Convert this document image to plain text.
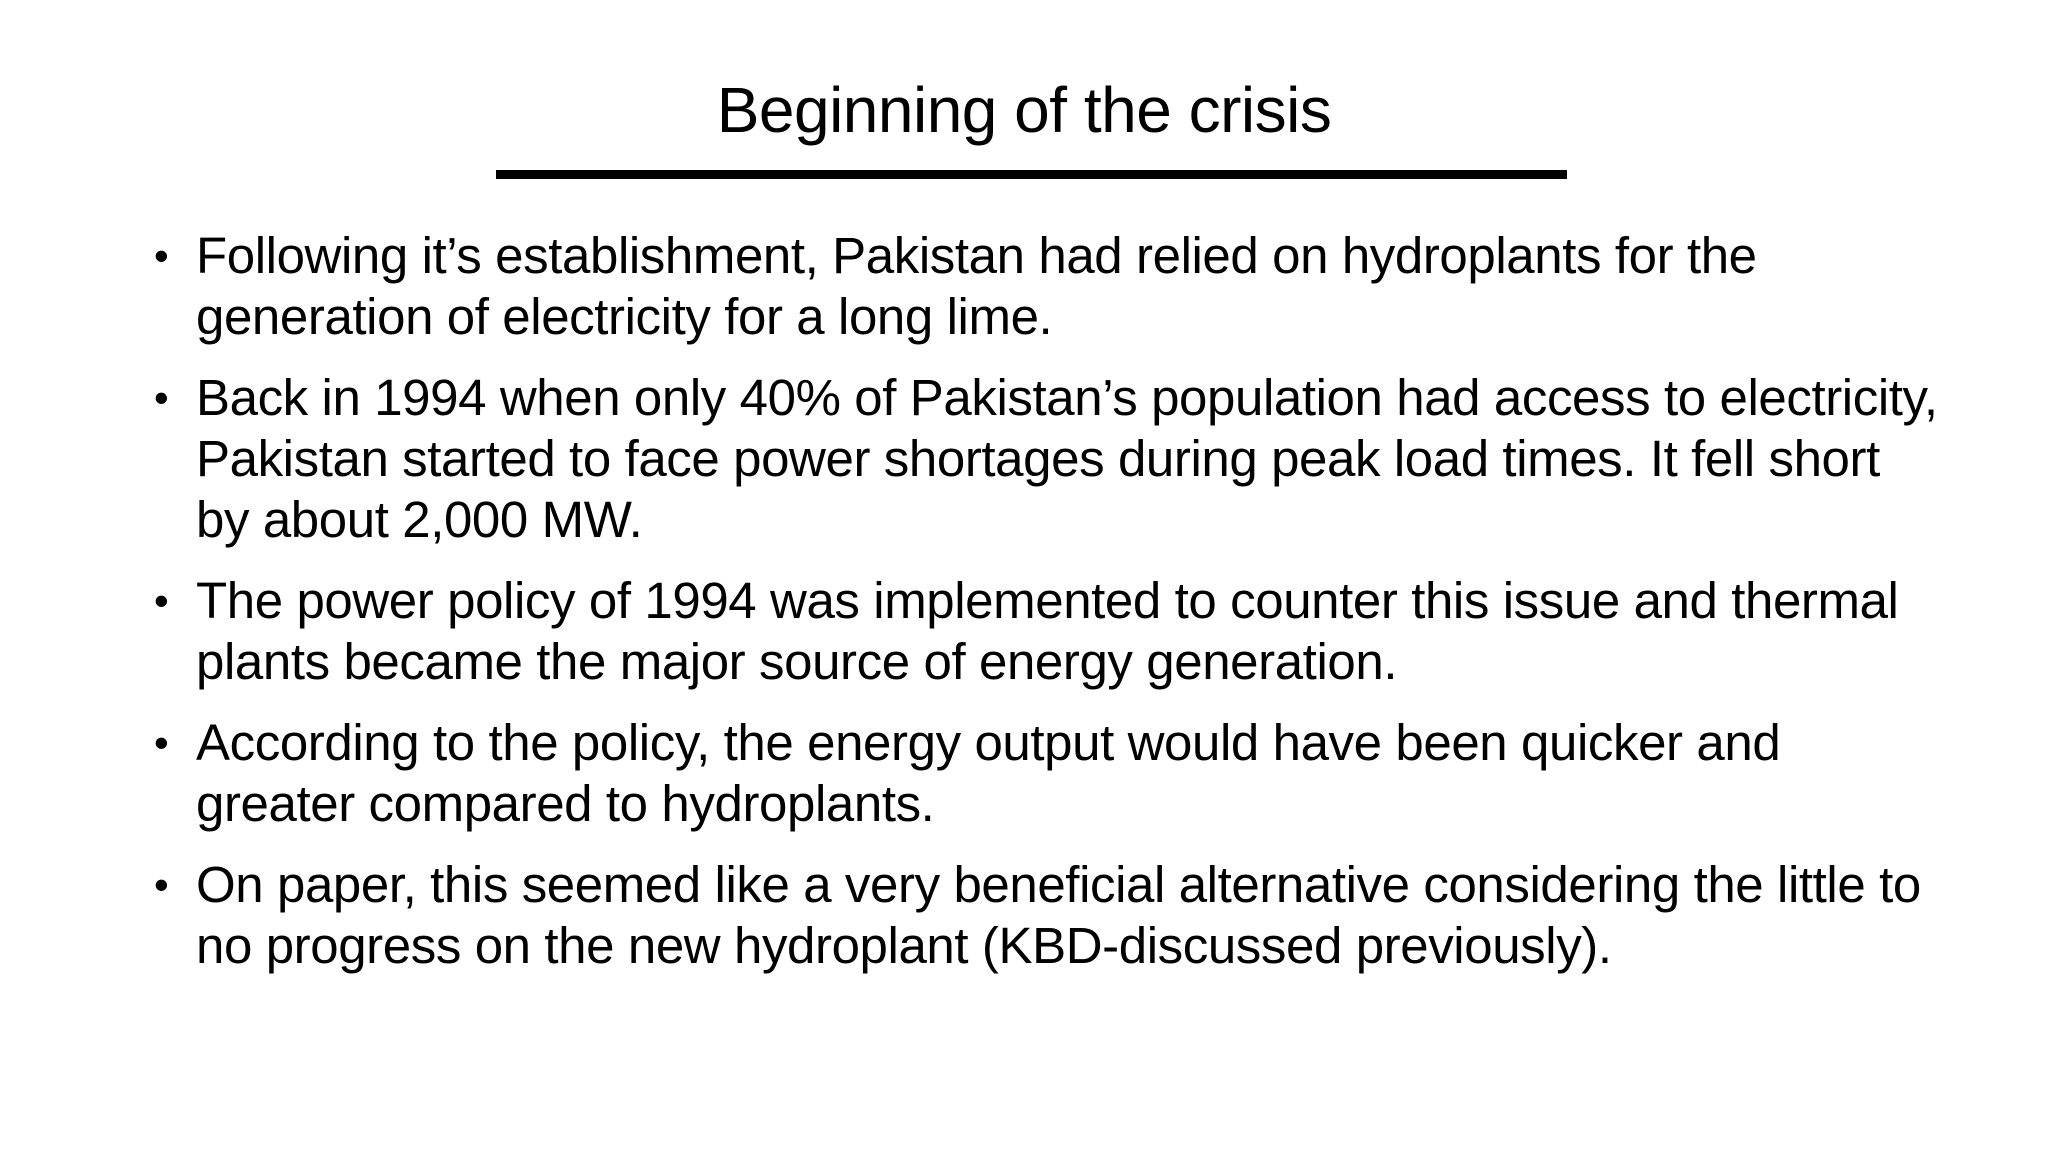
Beginning of the crisis
• Following it’s establishment, Pakistan had relied on hydroplants for the generation of electricity for a long lime.
• Back in 1994 when only 40% of Pakistan’s population had access to electricity, Pakistan started to face power shortages during peak load times. It fell short by about 2,000 MW.
• The power policy of 1994 was implemented to counter this issue and thermal plants became the major source of energy generation.
• According to the policy, the energy output would have been quicker and greater compared to hydroplants.
• On paper, this seemed like a very beneficial alternative considering the little to no progress on the new hydroplant (KBD-discussed previously).
